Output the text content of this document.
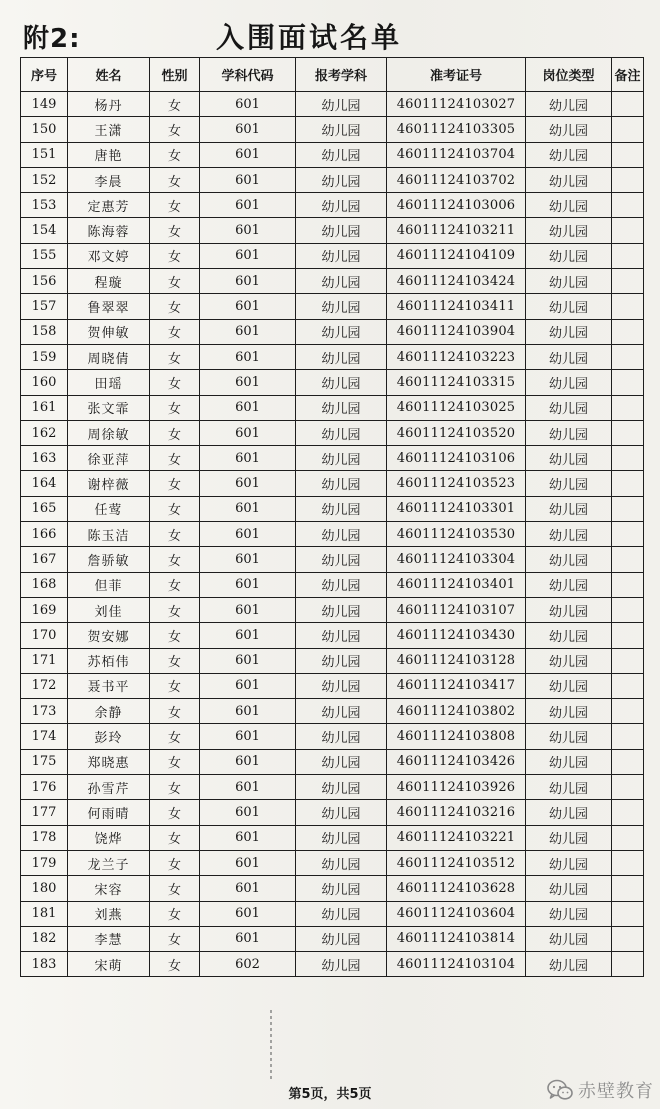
附2:	入围面试名单
序号	姓名	性别	学科代码	报考学科	准考证号	岗位类型	备注
149	杨丹	女	601	幼儿园	46011124103027	幼儿园	
150	王潇	女	601	幼儿园	46011124103305	幼儿园	
151	唐艳	女	601	幼儿园	46011124103704	幼儿园	
152	李晨	女	601	幼儿园	46011124103702	幼儿园	
153	定惠芳	女	601	幼儿园	46011124103006	幼儿园	
154	陈海蓉	女	601	幼儿园	46011124103211	幼儿园	
155	邓文婷	女	601	幼儿园	46011124104109	幼儿园	
156	程璇	女	601	幼儿园	46011124103424	幼儿园	
157	鲁翠翠	女	601	幼儿园	46011124103411	幼儿园	
158	贺伸敏	女	601	幼儿园	46011124103904	幼儿园	
159	周晓倩	女	601	幼儿园	46011124103223	幼儿园	
160	田瑶	女	601	幼儿园	46011124103315	幼儿园	
161	张文霏	女	601	幼儿园	46011124103025	幼儿园	
162	周徐敏	女	601	幼儿园	46011124103520	幼儿园	
163	徐亚萍	女	601	幼儿园	46011124103106	幼儿园	
164	谢梓薇	女	601	幼儿园	46011124103523	幼儿园	
165	任莺	女	601	幼儿园	46011124103301	幼儿园	
166	陈玉洁	女	601	幼儿园	46011124103530	幼儿园	
167	詹骄敏	女	601	幼儿园	46011124103304	幼儿园	
168	但菲	女	601	幼儿园	46011124103401	幼儿园	
169	刘佳	女	601	幼儿园	46011124103107	幼儿园	
170	贺安娜	女	601	幼儿园	46011124103430	幼儿园	
171	苏栢伟	女	601	幼儿园	46011124103128	幼儿园	
172	聂书平	女	601	幼儿园	46011124103417	幼儿园	
173	余静	女	601	幼儿园	46011124103802	幼儿园	
174	彭玲	女	601	幼儿园	46011124103808	幼儿园	
175	郑晓惠	女	601	幼儿园	46011124103426	幼儿园	
176	孙雪芹	女	601	幼儿园	46011124103926	幼儿园	
177	何雨晴	女	601	幼儿园	46011124103216	幼儿园	
178	饶烨	女	601	幼儿园	46011124103221	幼儿园	
179	龙兰子	女	601	幼儿园	46011124103512	幼儿园	
180	宋容	女	601	幼儿园	46011124103628	幼儿园	
181	刘燕	女	601	幼儿园	46011124103604	幼儿园	
182	李慧	女	601	幼儿园	46011124103814	幼儿园	
183	宋萌	女	602	幼儿园	46011124103104	幼儿园	
第5页，共5页	赤壁教育
